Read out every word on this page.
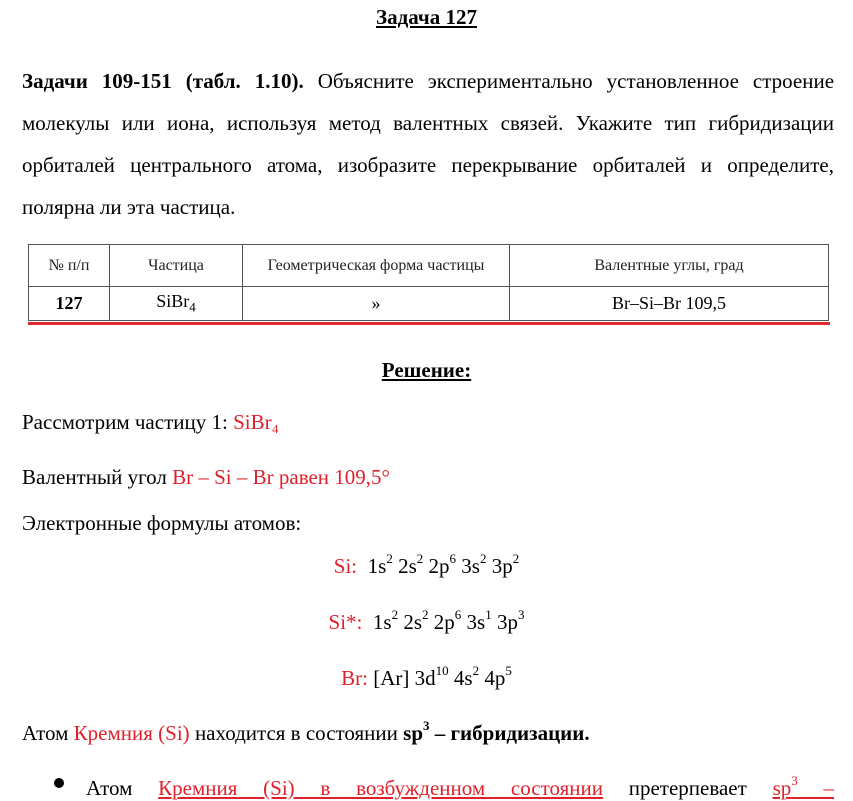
Задача 127
Задачи 109-151 (табл. 1.10). Объясните экспериментально установленное строение молекулы или иона, используя метод валентных связей. Укажите тип гибридизации орбиталей центрального атома, изобразите перекрывание орбиталей и определите, полярна ли эта частица.
№ п/п	Частица	Геометрическая форма частицы	Валентные углы, град
127	SiBr$_4$	»	Br–Si–Br 109,5
Решение:
Рассмотрим частицу 1: SiBr₄
Валентный угол Br – Si – Br равен 109,5°
Электронные формулы атомов:
Si:  $1s^2$ $2s^2$ $2p^6$ $3s^2$ $3p^2$
Si*:  $1s^2$ $2s^2$ $2p^6$ $3s^1$ $3p^3$
Br: [Ar] $3d^{10}$ $4s^2$ $4p^5$
Атом Кремния (Si) находится в состоянии $sp^3$ – гибридизации.
Атом Кремния (Si) в возбужденном состоянии претерпевает $sp^3$ –
